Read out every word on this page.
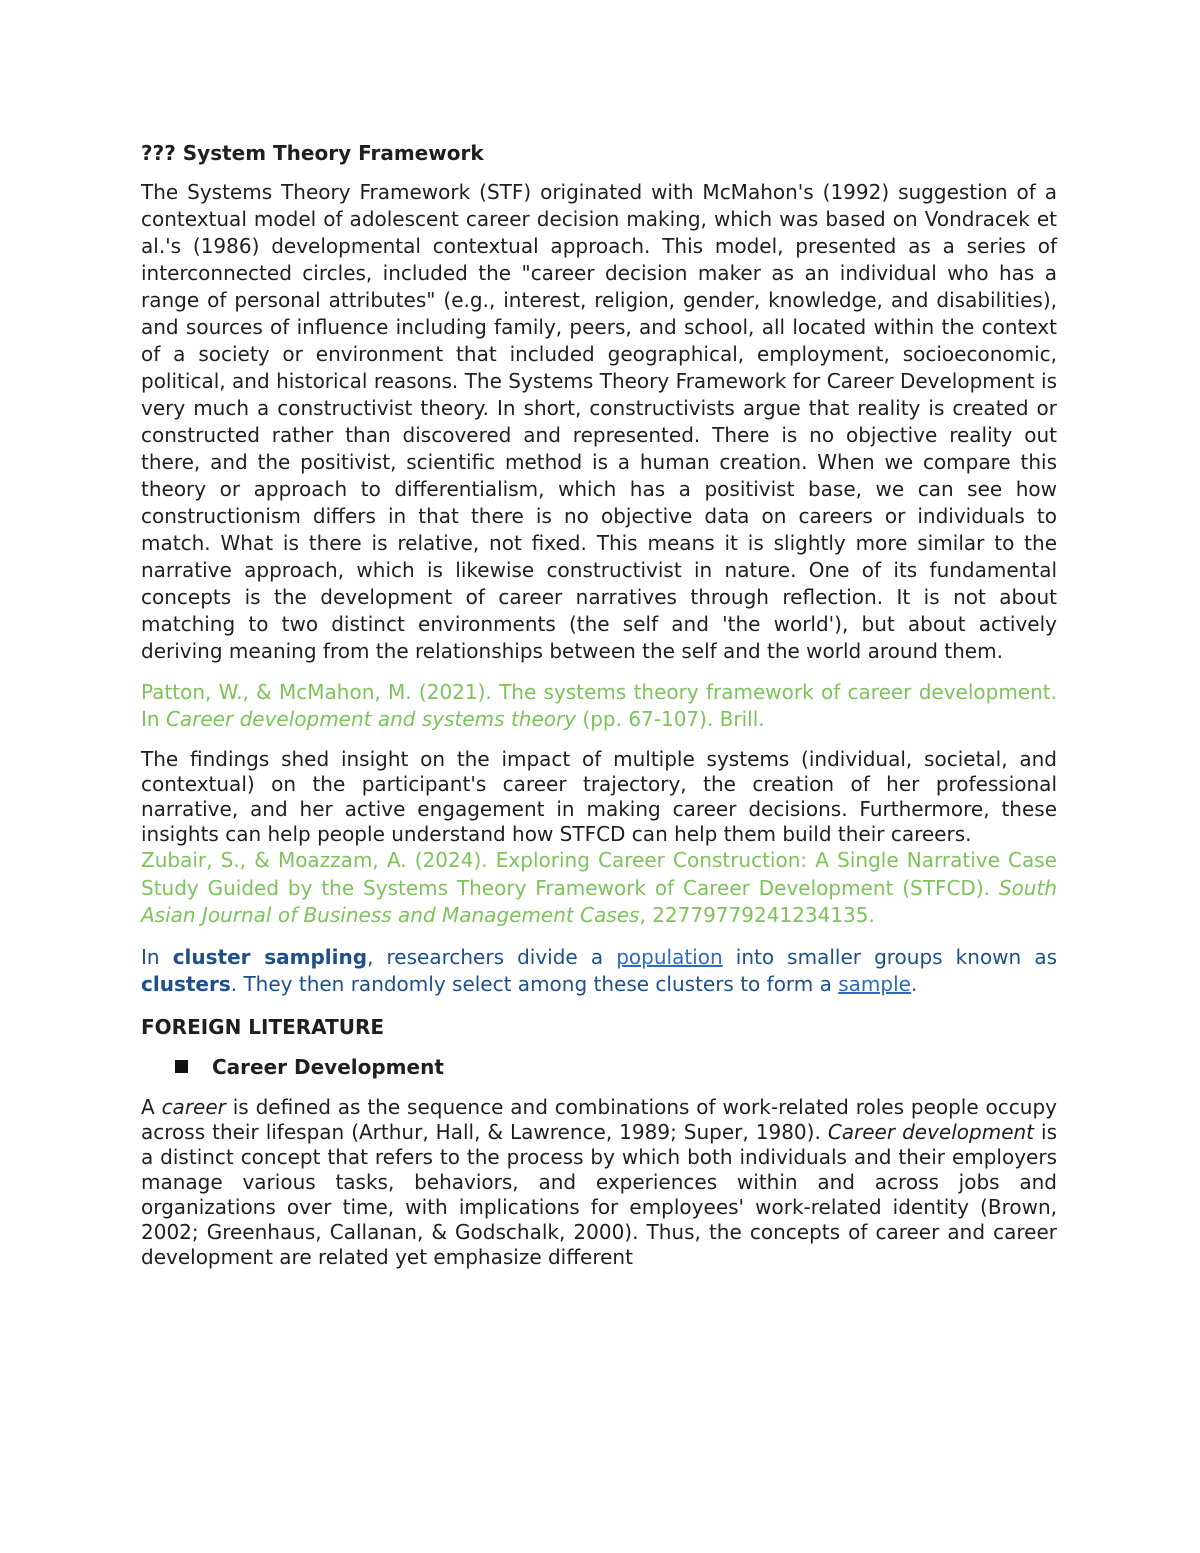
??? System Theory Framework

The Systems Theory Framework (STF) originated with McMahon's (1992) suggestion of a contextual model of adolescent career decision making, which was based on Vondracek et al.'s (1986) developmental contextual approach. This model, presented as a series of interconnected circles, included the "career decision maker as an individual who has a range of personal attributes" (e.g., interest, religion, gender, knowledge, and disabilities), and sources of influence including family, peers, and school, all located within the context of a society or environment that included geographical, employment, socioeconomic, political, and historical reasons. The Systems Theory Framework for Career Development is very much a constructivist theory. In short, constructivists argue that reality is created or constructed rather than discovered and represented. There is no objective reality out there, and the positivist, scientific method is a human creation. When we compare this theory or approach to differentialism, which has a positivist base, we can see how constructionism differs in that there is no objective data on careers or individuals to match. What is there is relative, not fixed. This means it is slightly more similar to the narrative approach, which is likewise constructivist in nature. One of its fundamental concepts is the development of career narratives through reflection. It is not about matching to two distinct environments (the self and 'the world'), but about actively deriving meaning from the relationships between the self and the world around them.

Patton, W., & McMahon, M. (2021). The systems theory framework of career development. In Career development and systems theory (pp. 67-107). Brill.

The findings shed insight on the impact of multiple systems (individual, societal, and contextual) on the participant's career trajectory, the creation of her professional narrative, and her active engagement in making career decisions. Furthermore, these insights can help people understand how STFCD can help them build their careers.

Zubair, S., & Moazzam, A. (2024). Exploring Career Construction: A Single Narrative Case Study Guided by the Systems Theory Framework of Career Development (STFCD). South Asian Journal of Business and Management Cases, 22779779241234135.

In cluster sampling, researchers divide a population into smaller groups known as clusters. They then randomly select among these clusters to form a sample.

FOREIGN LITERATURE

Career Development

A career is defined as the sequence and combinations of work-related roles people occupy across their lifespan (Arthur, Hall, & Lawrence, 1989; Super, 1980). Career development is a distinct concept that refers to the process by which both individuals and their employers manage various tasks, behaviors, and experiences within and across jobs and organizations over time, with implications for employees' work-related identity (Brown, 2002; Greenhaus, Callanan, & Godschalk, 2000). Thus, the concepts of career and career development are related yet emphasize different
